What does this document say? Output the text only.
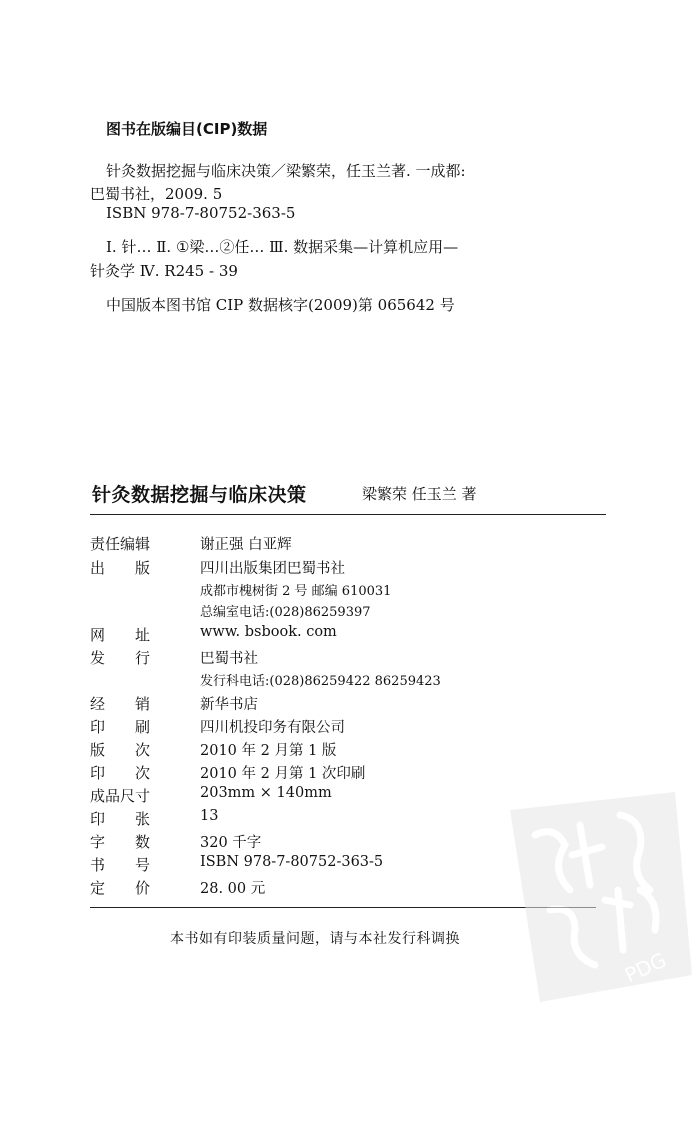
图书在版编目(CIP)数据
针灸数据挖掘与临床决策／梁繁荣，任玉兰著. 一成都:
巴蜀书社，2009. 5
ISBN 978-7-80752-363-5
Ⅰ. 针… Ⅱ. ①梁…②任… Ⅲ. 数据采集—计算机应用—
针灸学 Ⅳ. R245 - 39
中国版本图书馆 CIP 数据核字(2009)第 065642 号
针灸数据挖掘与临床决策	梁繁荣 任玉兰 著
责任编辑	谢正强 白亚辉
出 版	四川出版集团巴蜀书社
成都市槐树街 2 号 邮编 610031
总编室电话:(028)86259397
网 址	www. bsbook. com
发 行	巴蜀书社
发行科电话:(028)86259422 86259423
经 销	新华书店
印 刷	四川机投印务有限公司
版 次	2010 年 2 月第 1 版
印 次	2010 年 2 月第 1 次印刷
成品尺寸	203mm × 140mm
印 张	13
字 数	320 千字
书 号	ISBN 978-7-80752-363-5
定 价	28. 00 元
本书如有印装质量问题，请与本社发行科调换
PDG
